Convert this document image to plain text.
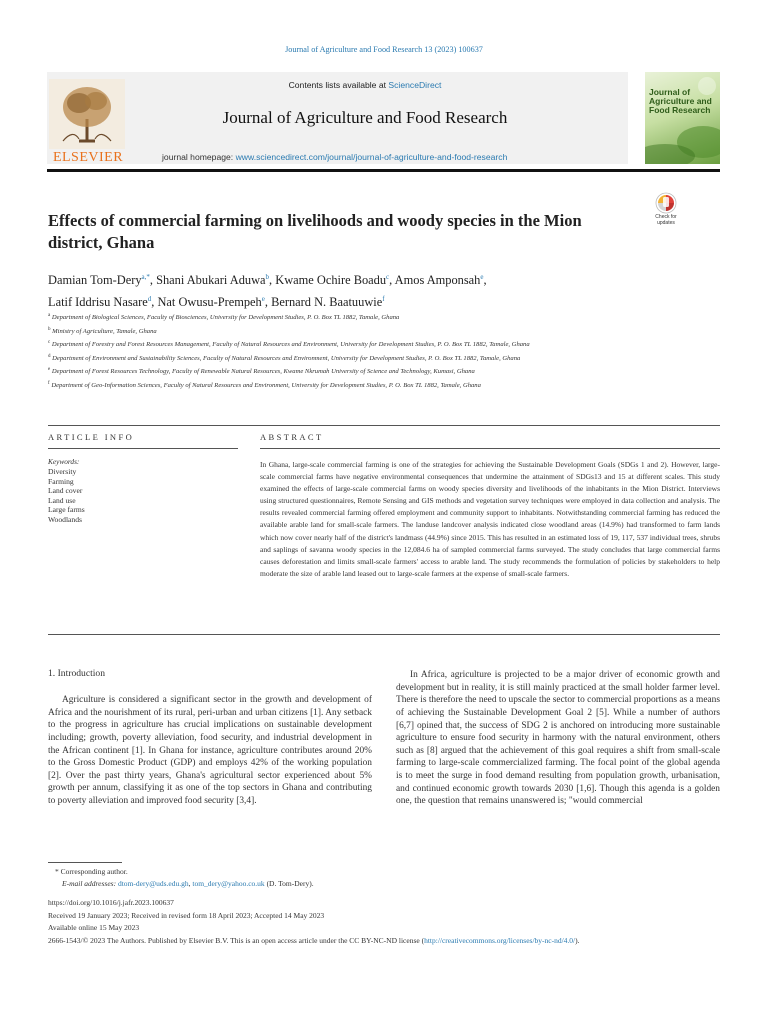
Journal of Agriculture and Food Research 13 (2023) 100637
ELSEVIER
Contents lists available at ScienceDirect
Journal of Agriculture and Food Research
journal homepage: www.sciencedirect.com/journal/journal-of-agriculture-and-food-research
Journal of Agriculture and Food Research
Effects of commercial farming on livelihoods and woody species in the Mion district, Ghana
Check for updates
Damian Tom-Dery$^{a,*}$, Shani Abukari Aduwa$^b$, Kwame Ochire Boadu$^c$, Amos Amponsah$^e$,
Latif Iddrisu Nasare$^d$, Nat Owusu-Prempeh$^e$, Bernard N. Baatuuwie$^f$

$^a$ Department of Biological Sciences, Faculty of Biosciences, University for Development Studies, P. O. Box TL 1882, Tamale, Ghana

$^b$ Ministry of Agriculture, Tamale, Ghana

$^c$ Department of Forestry and Forest Resources Management, Faculty of Natural Resources and Environment, University for Development Studies, P. O. Box TL 1882, Tamale, Ghana

$^d$ Department of Environment and Sustainability Sciences, Faculty of Natural Resources and Environment, University for Development Studies, P. O. Box TL 1882, Tamale, Ghana

$^e$ Department of Forest Resources Technology, Faculty of Renewable Natural Resources, Kwame Nkrumah University of Science and Technology, Kumasi, Ghana

$^f$ Department of Geo-Information Sciences, Faculty of Natural Resources and Environment, University for Development Studies, P. O. Box TL 1882, Tamale, Ghana

ARTICLE INFO	ABSTRACT
Keywords:
Diversity
Farming
Land cover
Land use
Large farms
Woodlands
In Ghana, large-scale commercial farming is one of the strategies for achieving the Sustainable Development Goals (SDGs 1 and 2). However, large-scale commercial farms have negative environmental consequences that undermine the attainment of SDGs13 and 15 at different scales. This study examined the effects of large-scale commercial farms on woody species diversity and livelihoods of the inhabitants in the Mion District. Interviews using structured questionnaires, Remote Sensing and GIS methods and vegetation survey techniques were employed in data collection and analysis. The results revealed commercial farming offered employment and community support to inhabitants. Notwithstanding commercial farming has reduced the available arable land for small-scale farmers. The landuse landcover analysis indicated close woodland areas (14.9%) had transformed to farm lands which now cover nearly half of the district's landmass (44.9%) since 2015. This has resulted in an estimated loss of 19, 117, 537 individual trees, shrubs and saplings of savanna woody species in the 12,084.6 ha of sampled commercial farms surveyed. The study concludes that large commercial farms causes deforestation and limits small-scale farmers' access to arable land. The study recommends the formulation of policies by stakeholders to help moderate the size of arable land leased out to large-scale farmers at the expense of small-scale farmers.
1. Introduction

Agriculture is considered a significant sector in the growth and development of Africa and the nourishment of its rural, peri-urban and urban citizens [1]. Any setback to the progress in agriculture has crucial implications on sustainable development including; growth, poverty alleviation, food security, and industrial development in the African continent [1]. In Ghana for instance, agriculture contributes around 20% to the Gross Domestic Product (GDP) and employs 42% of the working population [2]. Over the past thirty years, Ghana's agricultural sector experienced about 5% growth per annum, classifying it as one of the top sectors in Ghana and contributing to poverty alleviation and improved food security [3,4].

In Africa, agriculture is projected to be a major driver of economic growth and development but in reality, it is still mainly practiced at the small holder farmer level. There is therefore the need to upscale the sector to commercial proportions as a means of achieving the Sustainable Development Goal 2 [5]. While a number of authors [6,7] opined that, the success of SDG 2 is anchored on introducing more sustainable agriculture to ensure food security in harmony with the natural environment, others such as [8] argued that the achievement of this goal requires a shift from small-scale farming to large-scale commercialized farming. The focal point of the global agenda is to meet the surge in food demand resulting from population growth, urbanisation, and continued economic growth towards 2030 [1,6]. Though this agenda is a golden one, the question that remains unanswered is; "would commercial

* Corresponding author.
E-mail addresses: dtom-dery@uds.edu.gh, tom_dery@yahoo.co.uk (D. Tom-Dery).
https://doi.org/10.1016/j.jafr.2023.100637
Received 19 January 2023; Received in revised form 18 April 2023; Accepted 14 May 2023
Available online 15 May 2023
2666-1543/© 2023 The Authors. Published by Elsevier B.V. This is an open access article under the CC BY-NC-ND license (http://creativecommons.org/licenses/by-nc-nd/4.0/).
